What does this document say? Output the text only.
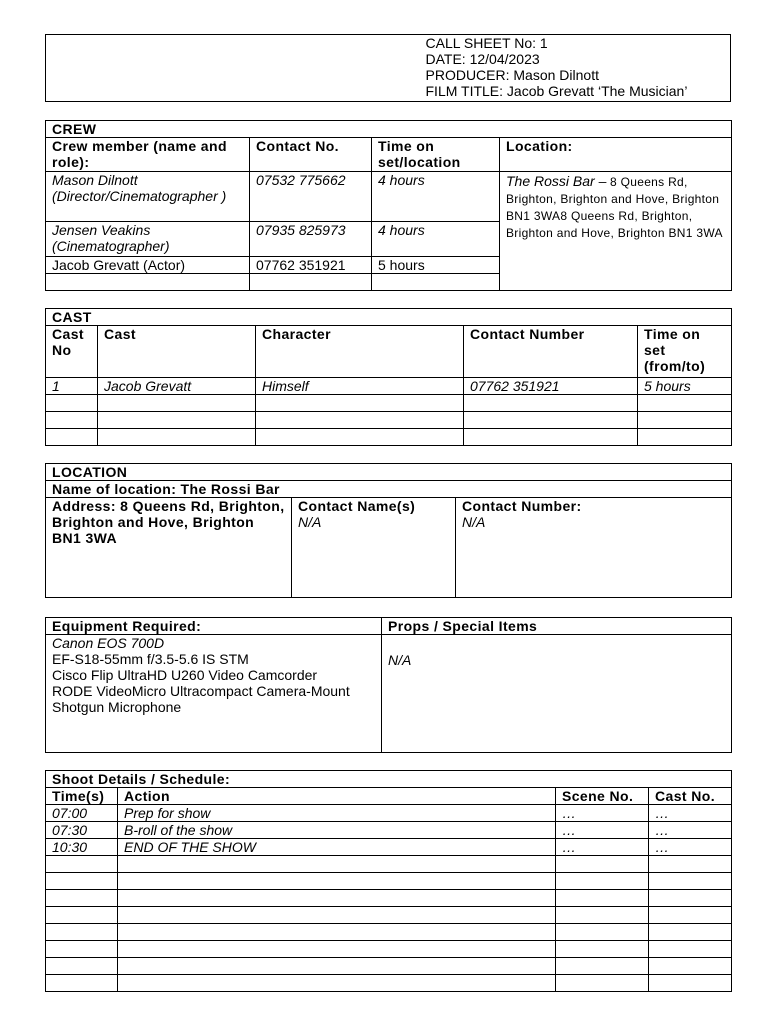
	CALL SHEET No: 1
	DATE: 12/04/2023
	PRODUCER: Mason Dilnott
	FILM TITLE: Jacob Grevatt ‘The Musician’
CREW			
Crew member (name and role):	Contact No.	Time on set/location	Location:
Mason Dilnott (Director/Cinematographer )	07532 775662	4 hours	The Rossi Bar – 8 Queens Rd, Brighton, Brighton and Hove, Brighton BN1 3WA8 Queens Rd, Brighton, Brighton and Hove, Brighton BN1 3WA
Jensen Veakins (Cinematographer)	07935 825973	4 hours	
Jacob Grevatt (Actor)	07762 351921	5 hours	

CAST				
Cast No	Cast	Character	Contact Number	Time on set (from/to)
1	Jacob Grevatt	Himself	07762 351921	5 hours

LOCATION
Name of location: The Rossi Bar
Address: 8 Queens Rd, Brighton, Brighton and Hove, Brighton BN1 3WA	
Contact Name(s)
N/A

Contact Number:
N/A
Equipment Required:	Props / Special Items

Canon EOS 700D
EF-S18-55mm f/3.5-5.6 IS STM
Cisco Flip UltraHD U260 Video Camcorder
RODE VideoMicro Ultracompact Camera-Mount Shotgun Microphone	N/A
Shoot Details / Schedule:			
Time(s)	Action	Scene No.	Cast No.
07:00	Prep for show	…	…
07:30	B-roll of the show	…	…
10:30	END OF THE SHOW	…	…
